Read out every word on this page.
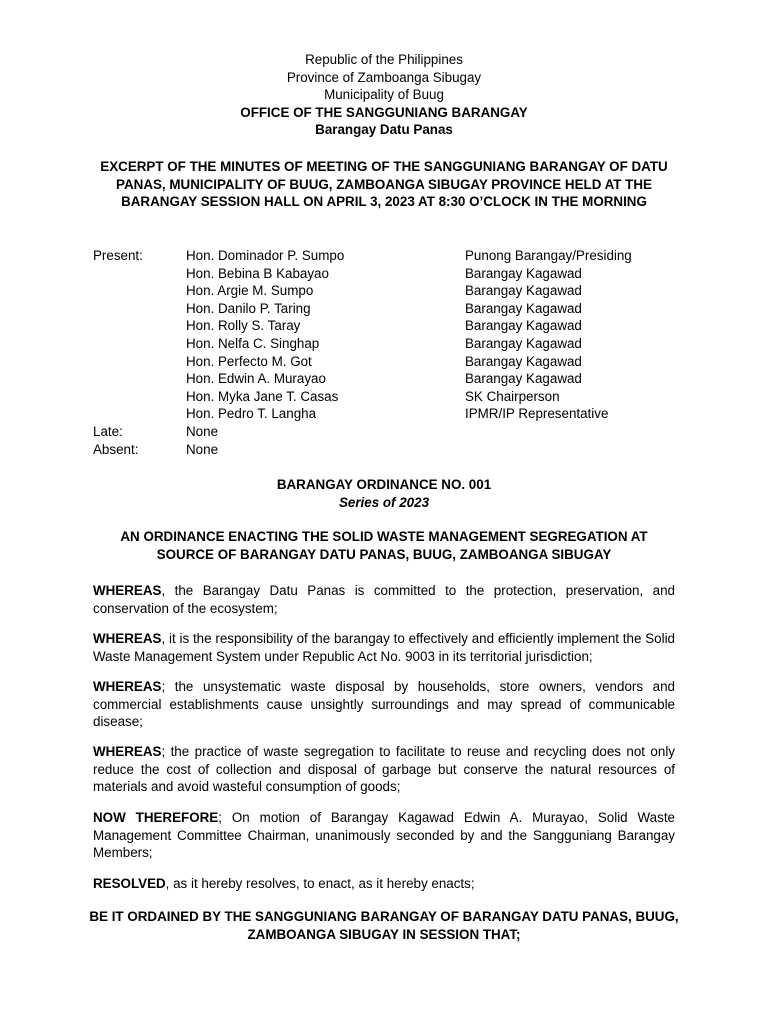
Republic of the Philippines
Province of Zamboanga Sibugay
Municipality of Buug
OFFICE OF THE SANGGUNIANG BARANGAY
Barangay Datu Panas
EXCERPT OF THE MINUTES OF MEETING OF THE SANGGUNIANG BARANGAY OF DATU PANAS, MUNICIPALITY OF BUUG, ZAMBOANGA SIBUGAY PROVINCE HELD AT THE BARANGAY SESSION HALL ON APRIL 3, 2023 AT 8:30 O’CLOCK IN THE MORNING
Present:	Hon. Dominador P. Sumpo	Punong Barangay/Presiding
Hon. Bebina B Kabayao	Barangay Kagawad
Hon. Argie M. Sumpo	Barangay Kagawad
Hon. Danilo P. Taring	Barangay Kagawad
Hon. Rolly S. Taray	Barangay Kagawad
Hon. Nelfa C. Singhap	Barangay Kagawad
Hon. Perfecto M. Got	Barangay Kagawad
Hon. Edwin A. Murayao	Barangay Kagawad
Hon. Myka Jane T. Casas	SK Chairperson
Hon. Pedro T. Langha	IPMR/IP Representative
Late:	None
Absent:	None
BARANGAY ORDINANCE NO. 001
Series of 2023
AN ORDINANCE ENACTING THE SOLID WASTE MANAGEMENT SEGREGATION AT SOURCE OF BARANGAY DATU PANAS, BUUG, ZAMBOANGA SIBUGAY

WHEREAS, the Barangay Datu Panas is committed to the protection, preservation, and conservation of the ecosystem;

WHEREAS, it is the responsibility of the barangay to effectively and efficiently implement the Solid Waste Management System under Republic Act No. 9003 in its territorial jurisdiction;

WHEREAS; the unsystematic waste disposal by households, store owners, vendors and commercial establishments cause unsightly surroundings and may spread of communicable disease;

WHEREAS; the practice of waste segregation to facilitate to reuse and recycling does not only reduce the cost of collection and disposal of garbage but conserve the natural resources of materials and avoid wasteful consumption of goods;

NOW THEREFORE; On motion of Barangay Kagawad Edwin A. Murayao, Solid Waste Management Committee Chairman, unanimously seconded by and the Sangguniang Barangay Members;

RESOLVED, as it hereby resolves, to enact, as it hereby enacts;

BE IT ORDAINED BY THE SANGGUNIANG BARANGAY OF BARANGAY DATU PANAS, BUUG, ZAMBOANGA SIBUGAY IN SESSION THAT;
